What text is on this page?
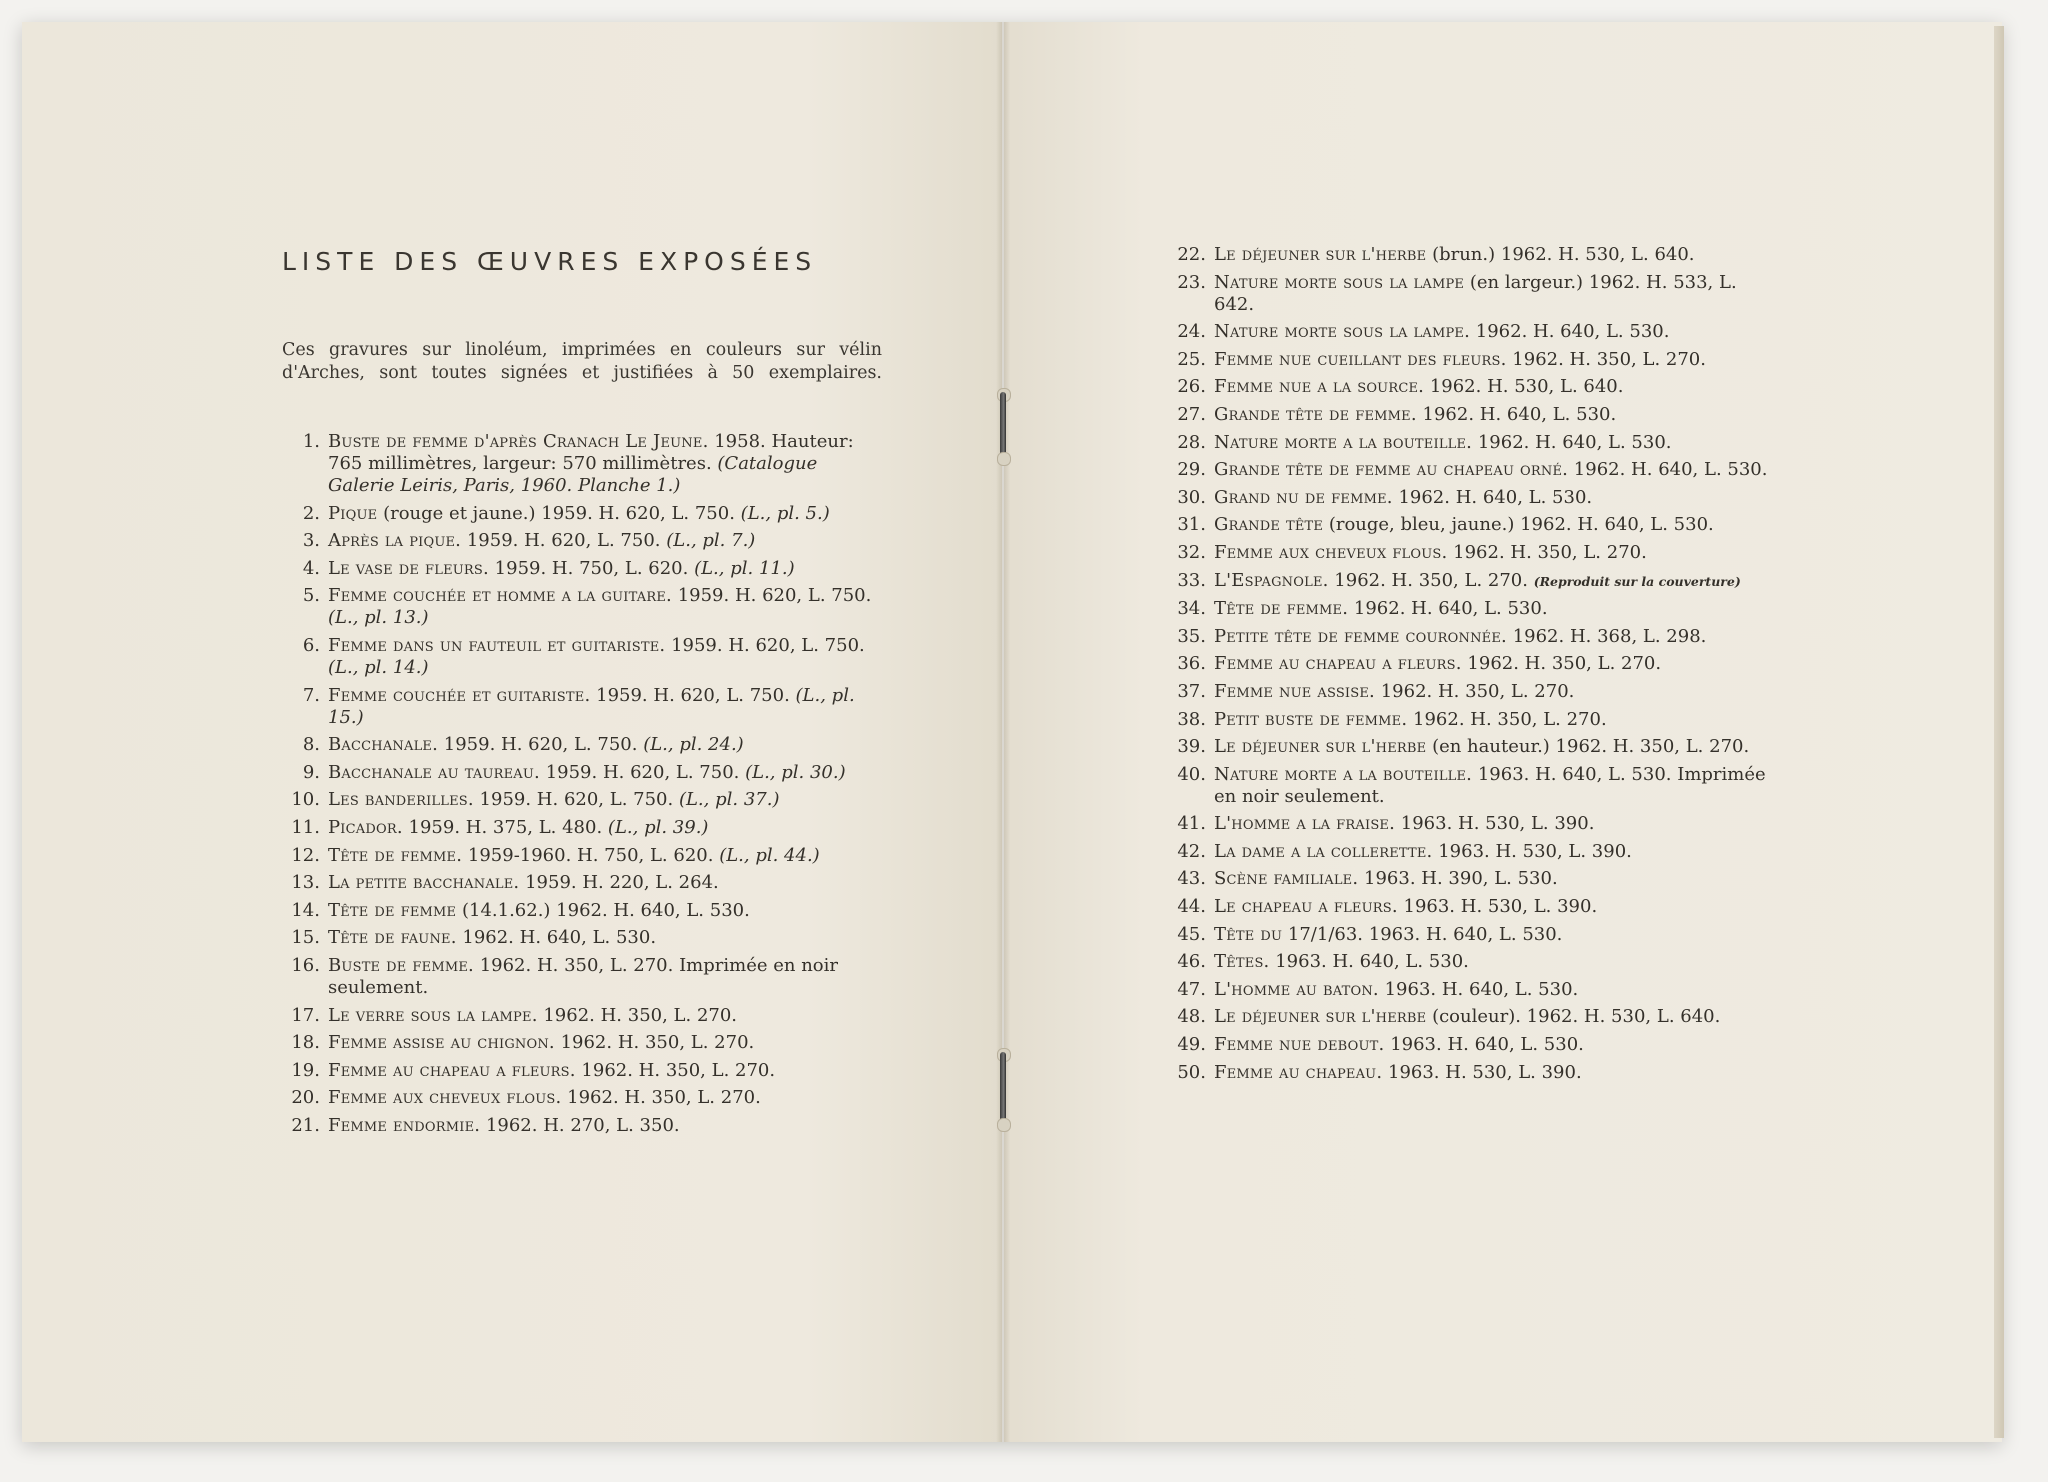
LISTE DES ŒUVRES EXPOSÉES
Ces gravures sur linoléum, imprimées en couleurs sur vélin d'Arches, sont toutes signées et justifiées à 50 exemplaires.
1. Buste de femme d'après Cranach Le Jeune. 1958. Hauteur: 765 millimètres, largeur: 570 millimètres. (Catalogue Galerie Leiris, Paris, 1960. Planche 1.)
2. Pique (rouge et jaune.) 1959. H. 620, L. 750. (L., pl. 5.)
3. Après la pique. 1959. H. 620, L. 750. (L., pl. 7.)
4. Le vase de fleurs. 1959. H. 750, L. 620. (L., pl. 11.)
5. Femme couchée et homme a la guitare. 1959. H. 620, L. 750. (L., pl. 13.)
6. Femme dans un fauteuil et guitariste. 1959. H. 620, L. 750. (L., pl. 14.)
7. Femme couchée et guitariste. 1959. H. 620, L. 750. (L., pl. 15.)
8. Bacchanale. 1959. H. 620, L. 750. (L., pl. 24.)
9. Bacchanale au taureau. 1959. H. 620, L. 750. (L., pl. 30.)
10. Les banderilles. 1959. H. 620, L. 750. (L., pl. 37.)
11. Picador. 1959. H. 375, L. 480. (L., pl. 39.)
12. Tête de femme. 1959-1960. H. 750, L. 620. (L., pl. 44.)
13. La petite bacchanale. 1959. H. 220, L. 264.
14. Tête de femme (14.1.62.) 1962. H. 640, L. 530.
15. Tête de faune. 1962. H. 640, L. 530.
16. Buste de femme. 1962. H. 350, L. 270. Imprimée en noir seulement.
17. Le verre sous la lampe. 1962. H. 350, L. 270.
18. Femme assise au chignon. 1962. H. 350, L. 270.
19. Femme au chapeau a fleurs. 1962. H. 350, L. 270.
20. Femme aux cheveux flous. 1962. H. 350, L. 270.
21. Femme endormie. 1962. H. 270, L. 350.
22. Le déjeuner sur l'herbe (brun.) 1962. H. 530, L. 640.
23. Nature morte sous la lampe (en largeur.) 1962. H. 533, L. 642.
24. Nature morte sous la lampe. 1962. H. 640, L. 530.
25. Femme nue cueillant des fleurs. 1962. H. 350, L. 270.
26. Femme nue a la source. 1962. H. 530, L. 640.
27. Grande tête de femme. 1962. H. 640, L. 530.
28. Nature morte a la bouteille. 1962. H. 640, L. 530.
29. Grande tête de femme au chapeau orné. 1962. H. 640, L. 530.
30. Grand nu de femme. 1962. H. 640, L. 530.
31. Grande tête (rouge, bleu, jaune.) 1962. H. 640, L. 530.
32. Femme aux cheveux flous. 1962. H. 350, L. 270.
33. L'Espagnole. 1962. H. 350, L. 270. (Reproduit sur la couverture)
34. Tête de femme. 1962. H. 640, L. 530.
35. Petite tête de femme couronnée. 1962. H. 368, L. 298.
36. Femme au chapeau a fleurs. 1962. H. 350, L. 270.
37. Femme nue assise. 1962. H. 350, L. 270.
38. Petit buste de femme. 1962. H. 350, L. 270.
39. Le déjeuner sur l'herbe (en hauteur.) 1962. H. 350, L. 270.
40. Nature morte a la bouteille. 1963. H. 640, L. 530. Imprimée en noir seulement.
41. L'homme a la fraise. 1963. H. 530, L. 390.
42. La dame a la collerette. 1963. H. 530, L. 390.
43. Scène familiale. 1963. H. 390, L. 530.
44. Le chapeau a fleurs. 1963. H. 530, L. 390.
45. Tête du 17/1/63. 1963. H. 640, L. 530.
46. Têtes. 1963. H. 640, L. 530.
47. L'homme au baton. 1963. H. 640, L. 530.
48. Le déjeuner sur l'herbe (couleur). 1962. H. 530, L. 640.
49. Femme nue debout. 1963. H. 640, L. 530.
50. Femme au chapeau. 1963. H. 530, L. 390.
